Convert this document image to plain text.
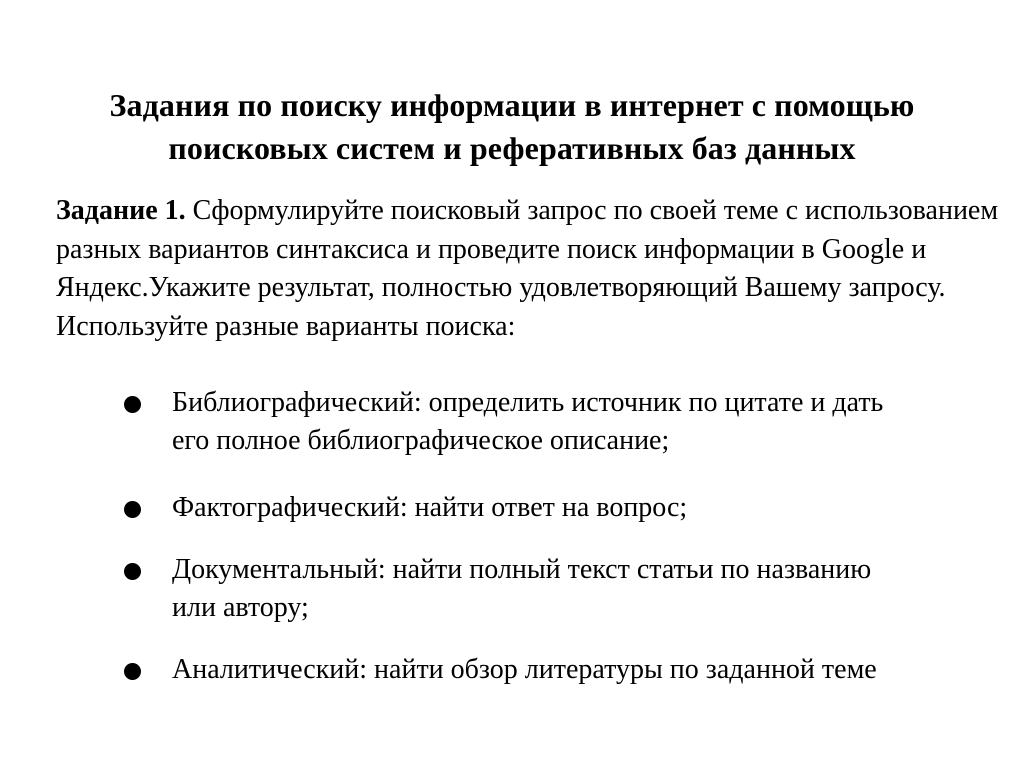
Задания по поиску информации в интернет с помощью
поисковых систем и реферативных баз данных
Задание 1. Сформулируйте поисковый запрос по своей теме с использованием разных вариантов синтаксиса и проведите поиск информации в Google и Яндекс.Укажите результат, полностью удовлетворяющий Вашему запросу. Используйте разные варианты поиска:
Библиографический: определить источник по цитате и дать
его полное библиографическое описание;
Фактографический: найти ответ на вопрос;
Документальный: найти полный текст статьи по названию
или автору;
Аналитический: найти обзор литературы по заданной теме
